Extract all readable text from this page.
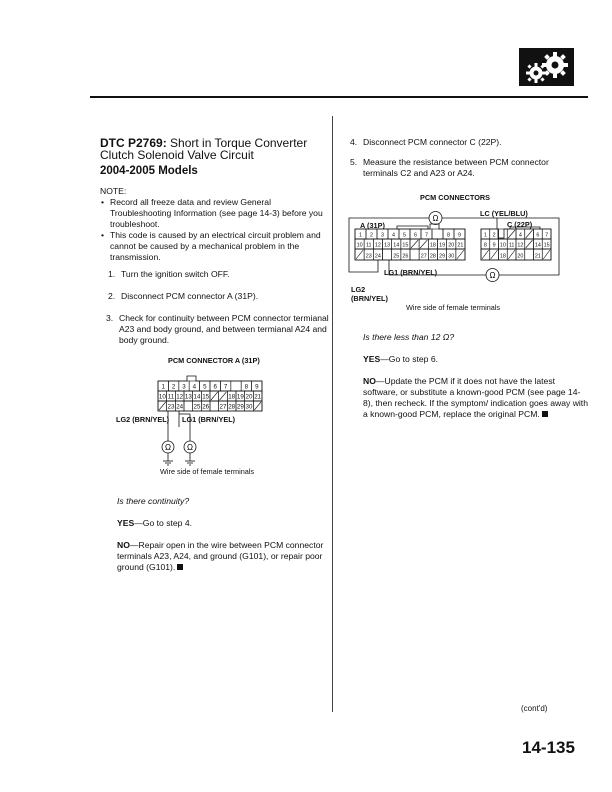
DTC P2769: Short in Torque Converter Clutch Solenoid Valve Circuit
2004-2005 Models
NOTE:
• Record all freeze data and review General Troubleshooting Information (see page 14-3) before you troubleshoot.
• This code is caused by an electrical circuit problem and cannot be caused by a mechanical problem in the transmission.
1. Turn the ignition switch OFF.
2. Disconnect PCM connector A (31P).
3. Check for continuity between PCM connector termianal A23 and body ground, and between termianal A24 and body ground.
PCM CONNECTOR A (31P)
1 2 3 4 5 6 7	8 9
10 11 12 13 14 15	18 19 20 21
23 24 25 26 27 28 29 30
Ω Ω
LG2 (BRN/YEL) LG1 (BRN/YEL)
Wire side of female terminals
Is there continuity?
YES—Go to step 4.
NO—Repair open in the wire between PCM connector terminals A23, A24, and ground (G101), or repair poor ground (G101).
4. Disconnect PCM connector C (22P).
5. Measure the resistance between PCM connector terminals C2 and A23 or A24.
PCM CONNECTORS
Ω
Ω
1 2 3 4 5 6 7	8 9
10 11 12 13 14 15	18 19 20 21
23 24 25 26 27 28 29 30
1 2	4	6 7
8 9 10 11 12 14 15
18 20 21
A (31P)
LC (YEL/BLU)
C (22P)
LG1 (BRN/YEL)
LG2
(BRN/YEL)
Wire side of female terminals
Is there less than 12 Ω?
YES—Go to step 6.
NO—Update the PCM if it does not have the latest software, or substitute a known-good PCM (see page 14-8), then recheck. If the symptom/ indication goes away with a known-good PCM, replace the original PCM.
(cont'd)
14-135
